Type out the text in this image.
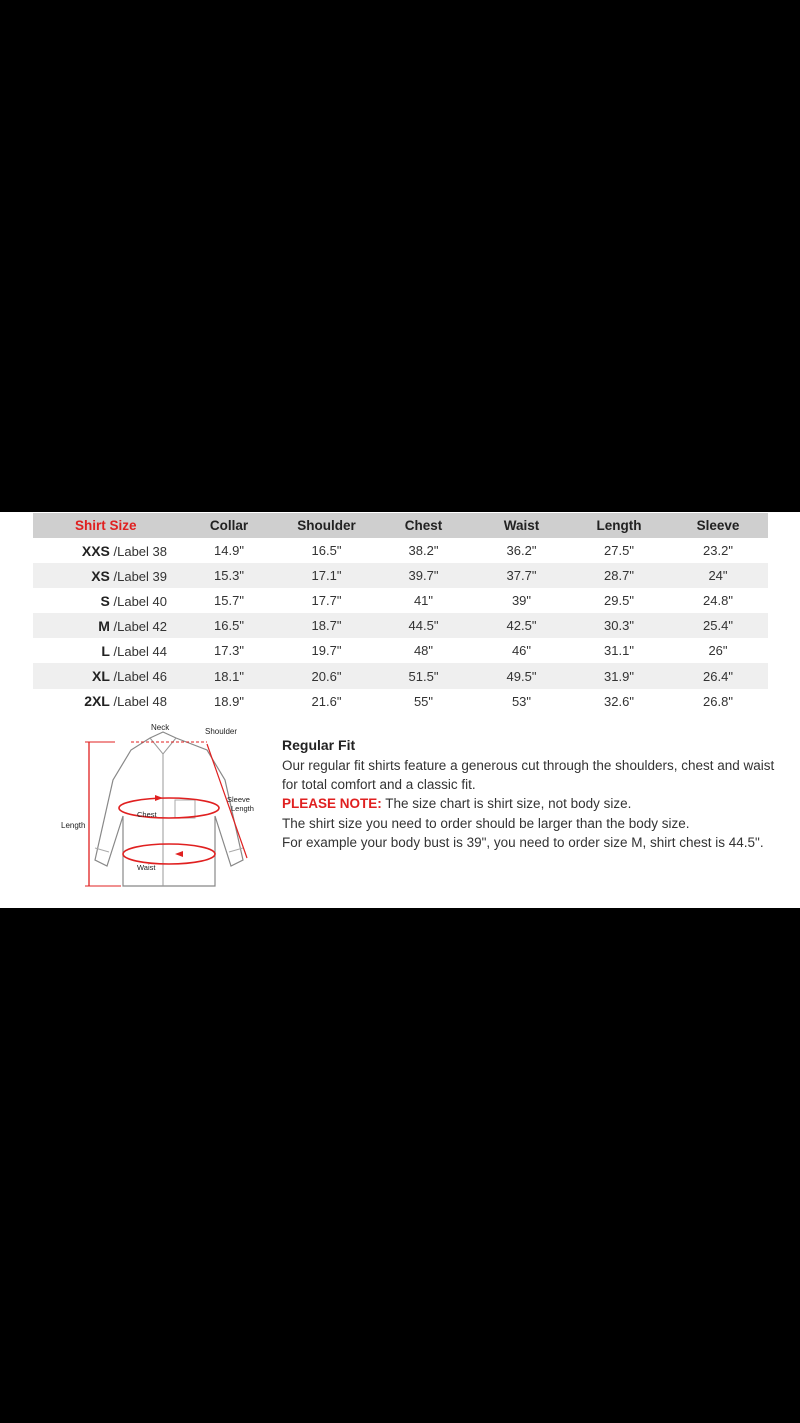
Shirt Size	Collar	Shoulder	Chest	Waist	Length	Sleeve
XXS /Label 38	14.9"	16.5"	38.2"	36.2"	27.5"	23.2"
XS /Label 39	15.3"	17.1"	39.7"	37.7"	28.7"	24"
S /Label 40	15.7"	17.7"	41"	39"	29.5"	24.8"
M /Label 42	16.5"	18.7"	44.5"	42.5"	30.3"	25.4"
L /Label 44	17.3"	19.7"	48"	46"	31.1"	26"
XL /Label 46	18.1"	20.6"	51.5"	49.5"	31.9"	26.4"
2XL /Label 48	18.9"	21.6"	55"	53"	32.6"	26.8"
Neck	Shoulder
Sleeve
Length
Chest
Length
Waist
Regular Fit

Our regular fit shirts feature a generous cut through the shoulders, chest and waist for total comfort and a classic fit.

PLEASE NOTE: The size chart is shirt size, not body size.

The shirt size you need to order should be larger than the body size.

For example your body bust is 39", you need to order size M, shirt chest is 44.5".
